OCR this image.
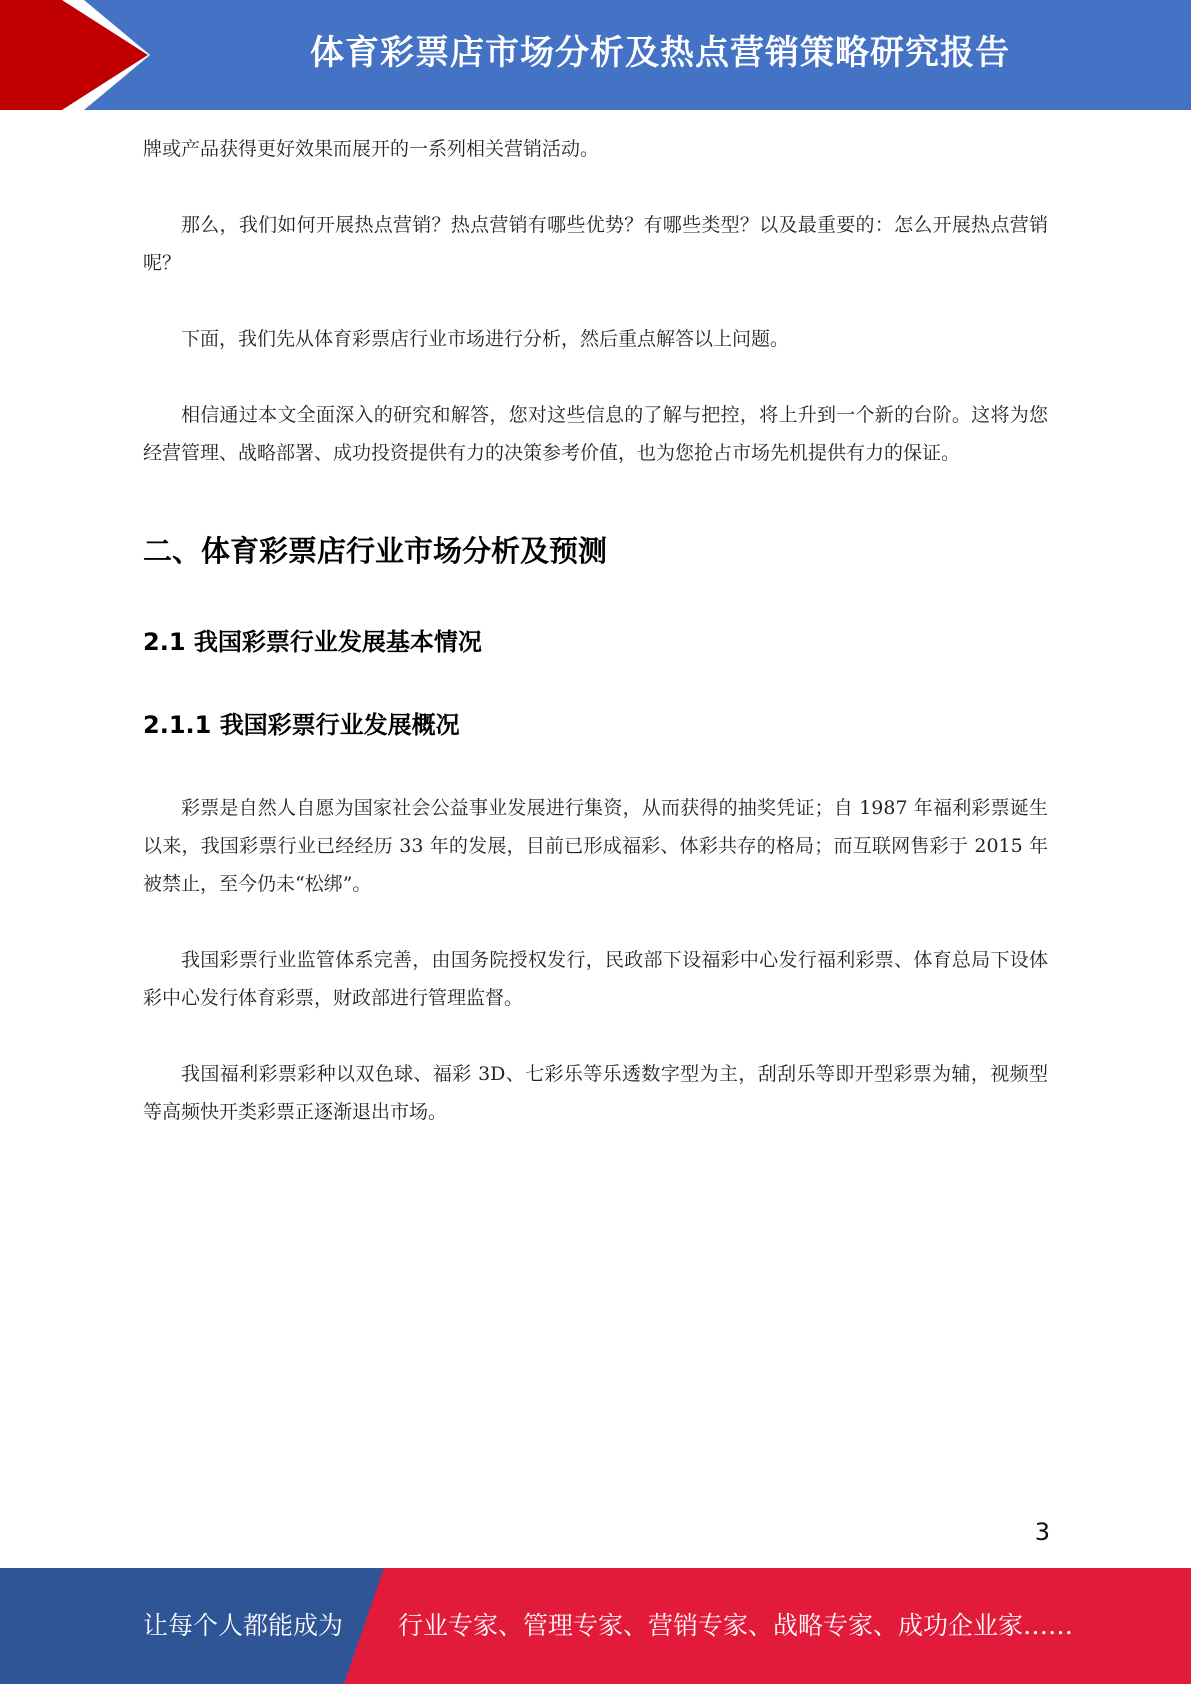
体育彩票店市场分析及热点营销策略研究报告

牌或产品获得更好效果而展开的一系列相关营销活动。

那么，我们如何开展热点营销？热点营销有哪些优势？有哪些类型？以及最重要的：怎么开展热点营销呢？

下面，我们先从体育彩票店行业市场进行分析，然后重点解答以上问题。

相信通过本文全面深入的研究和解答，您对这些信息的了解与把控，将上升到一个新的台阶。这将为您经营管理、战略部署、成功投资提供有力的决策参考价值，也为您抢占市场先机提供有力的保证。

二、体育彩票店行业市场分析及预测
2.1 我国彩票行业发展基本情况
2.1.1 我国彩票行业发展概况

彩票是自然人自愿为国家社会公益事业发展进行集资，从而获得的抽奖凭证；自 1987 年福利彩票诞生以来，我国彩票行业已经经历 33 年的发展，目前已形成福彩、体彩共存的格局；而互联网售彩于 2015 年被禁止，至今仍未“松绑”。

我国彩票行业监管体系完善，由国务院授权发行，民政部下设福彩中心发行福利彩票、体育总局下设体彩中心发行体育彩票，财政部进行管理监督。

我国福利彩票彩种以双色球、福彩 3D、七彩乐等乐透数字型为主，刮刮乐等即开型彩票为辅，视频型等高频快开类彩票正逐渐退出市场。

3
让每个人都能成为 行业专家、管理专家、营销专家、战略专家、成功企业家……
